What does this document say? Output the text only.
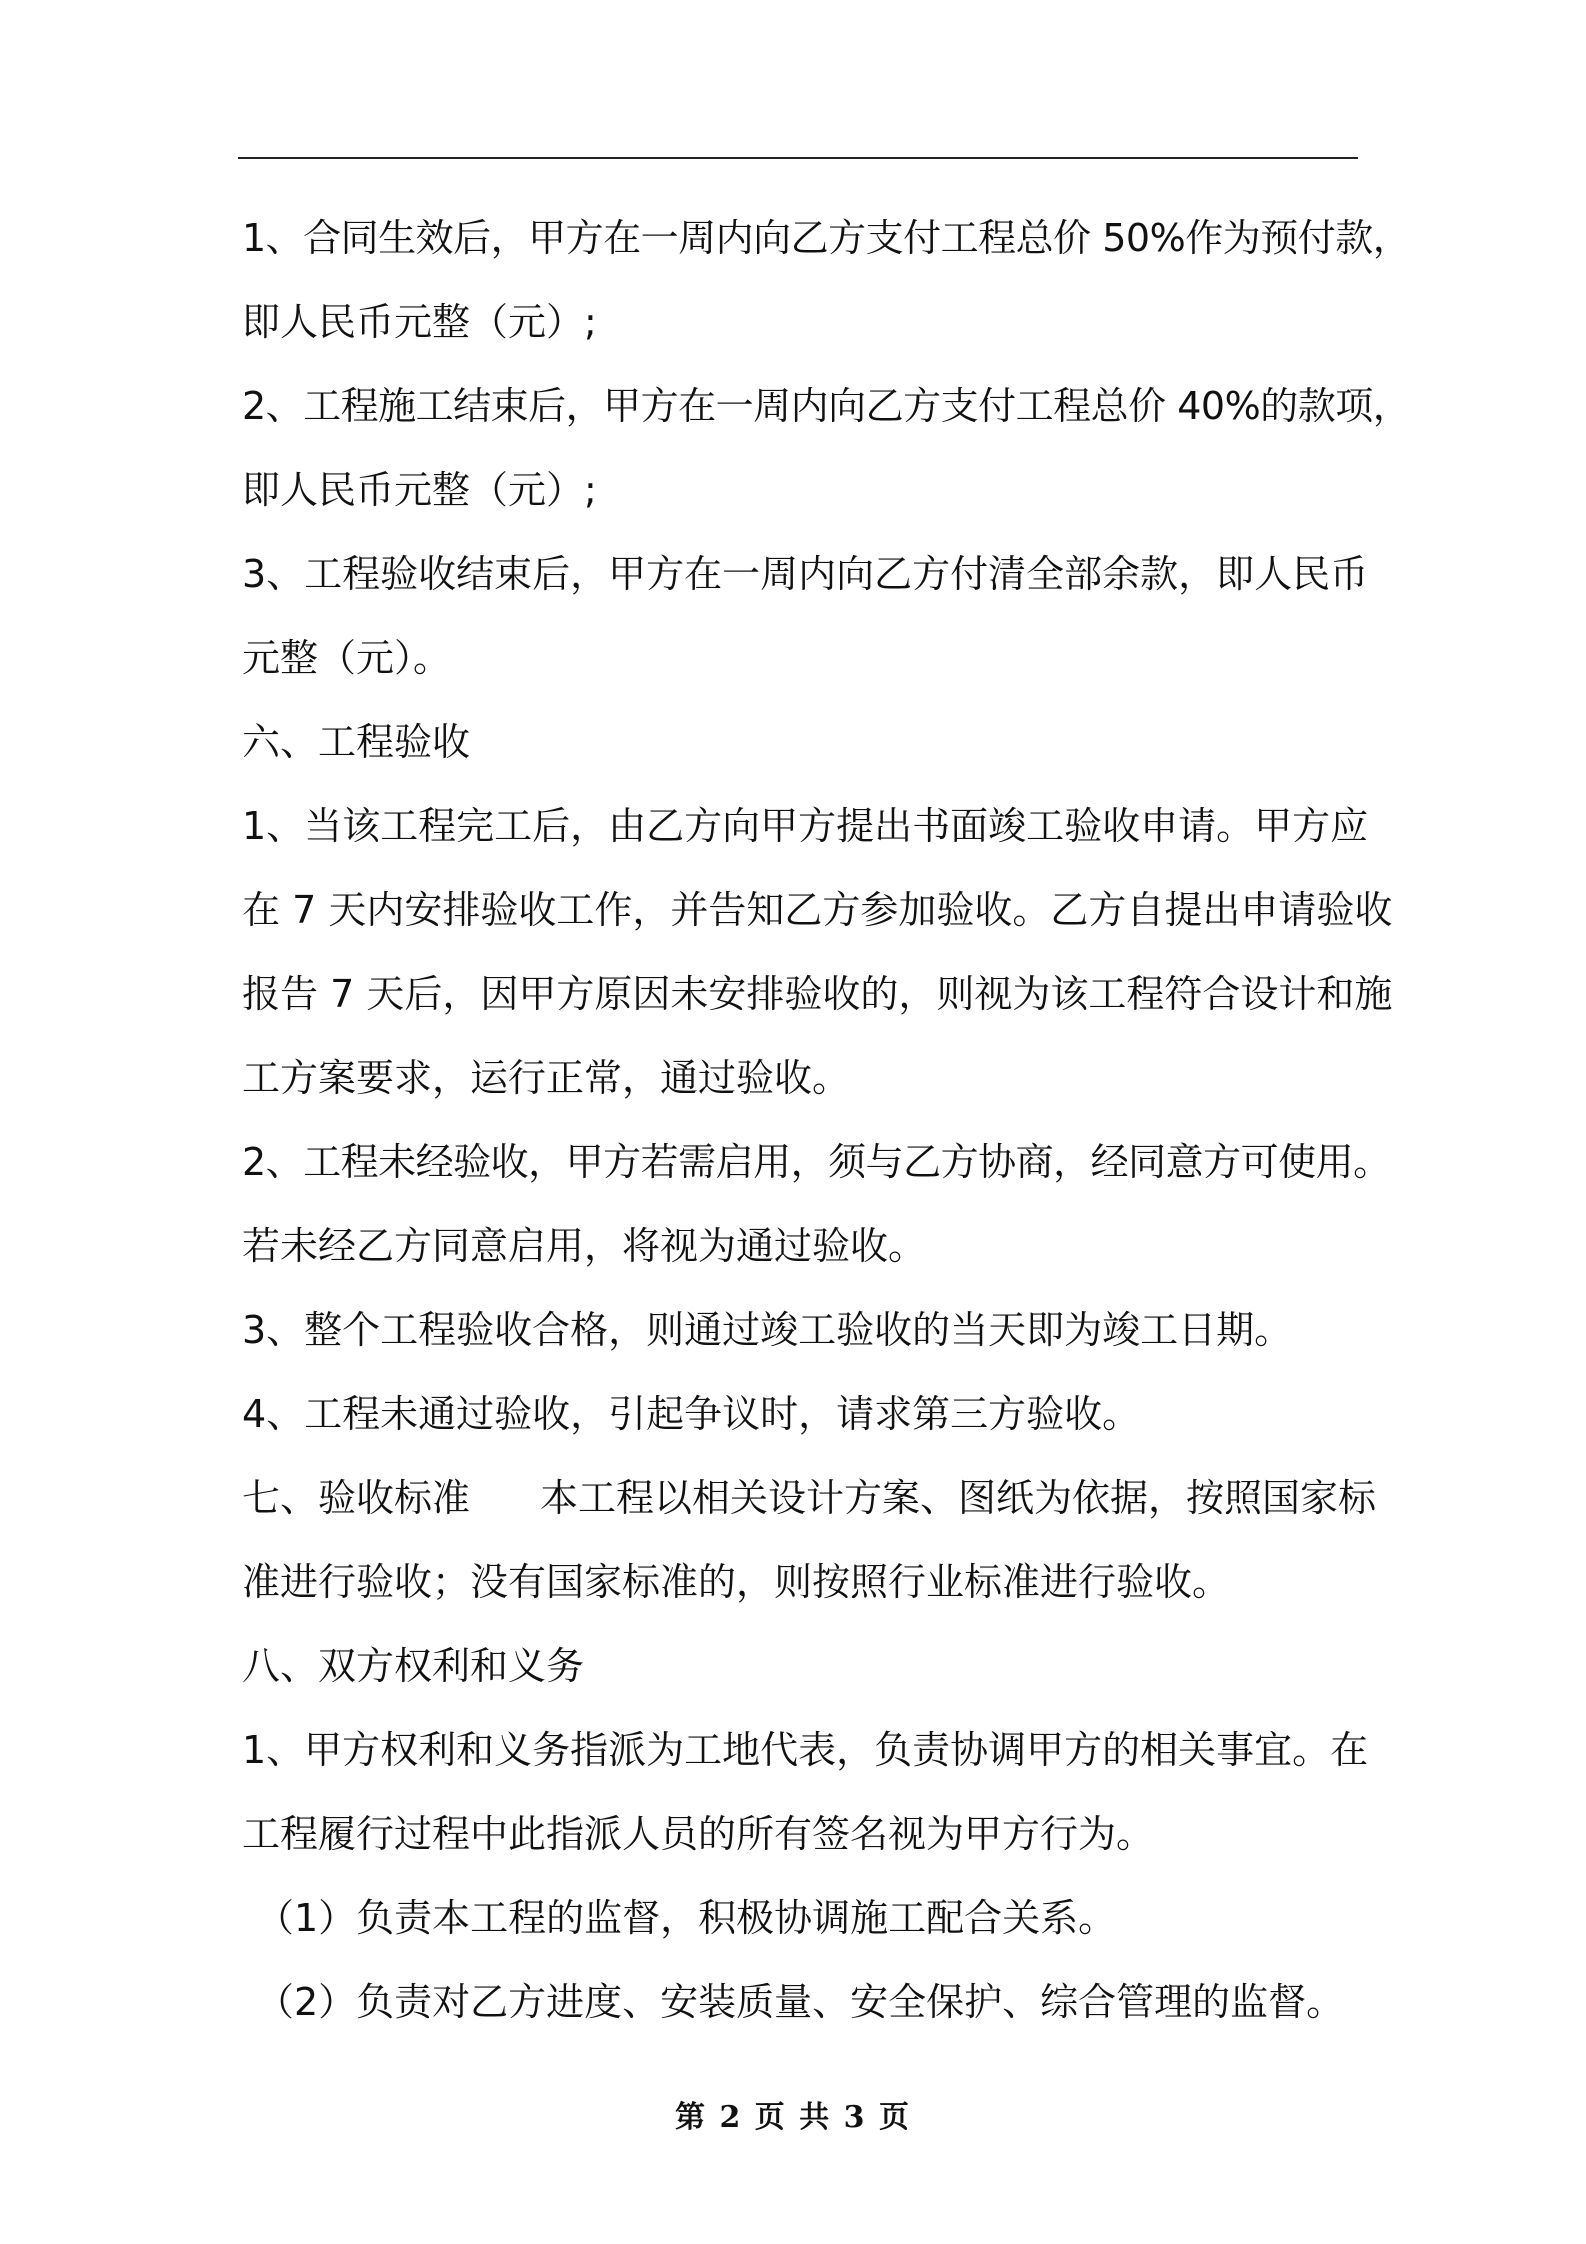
1、合同生效后，甲方在一周内向乙方支付工程总价 50%作为预付款，
即人民币元整（元）;
2、工程施工结束后，甲方在一周内向乙方支付工程总价 40%的款项，
即人民币元整（元）;
3、工程验收结束后，甲方在一周内向乙方付清全部余款，即人民币
元整（元）。
六、工程验收
1、当该工程完工后，由乙方向甲方提出书面竣工验收申请。甲方应
在 7 天内安排验收工作，并告知乙方参加验收。乙方自提出申请验收
报告 7 天后，因甲方原因未安排验收的，则视为该工程符合设计和施
工方案要求，运行正常，通过验收。
2、工程未经验收，甲方若需启用，须与乙方协商，经同意方可使用。
若未经乙方同意启用，将视为通过验收。
3、整个工程验收合格，则通过竣工验收的当天即为竣工日期。
4、工程未通过验收，引起争议时，请求第三方验收。
七、验收标准 本工程以相关设计方案、图纸为依据，按照国家标
准进行验收；没有国家标准的，则按照行业标准进行验收。
八、双方权利和义务
1、甲方权利和义务指派为工地代表，负责协调甲方的相关事宜。在
工程履行过程中此指派人员的所有签名视为甲方行为。
（1）负责本工程的监督，积极协调施工配合关系。
（2）负责对乙方进度、安装质量、安全保护、综合管理的监督。
第 2 页 共 3 页
